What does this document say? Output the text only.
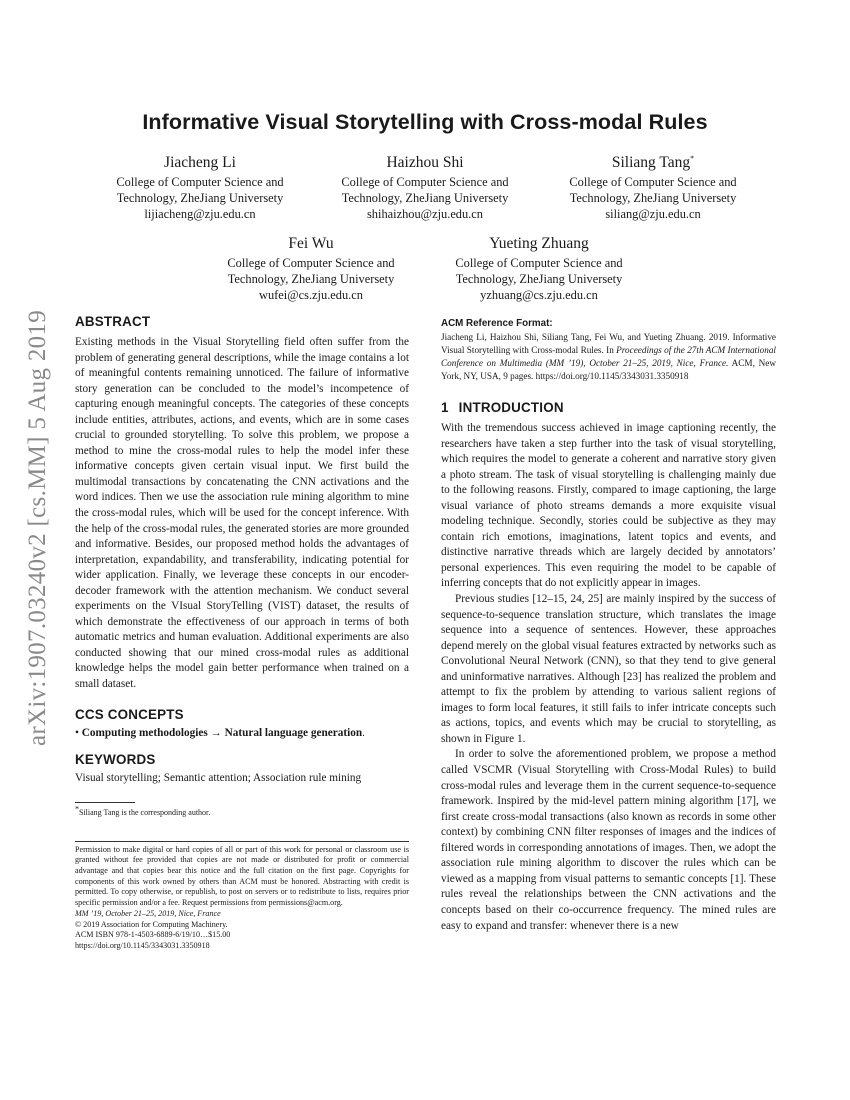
arXiv:1907.03240v2 [cs.MM] 5 Aug 2019
Informative Visual Storytelling with Cross-modal Rules
Jiacheng Li
College of Computer Science and
Technology, ZheJiang Universety
lijiacheng@zju.edu.cn
Haizhou Shi
College of Computer Science and
Technology, ZheJiang Universety
shihaizhou@zju.edu.cn
Siliang Tang*
College of Computer Science and
Technology, ZheJiang Universety
siliang@zju.edu.cn
Fei Wu
College of Computer Science and
Technology, ZheJiang Universety
wufei@cs.zju.edu.cn
Yueting Zhuang
College of Computer Science and
Technology, ZheJiang Universety
yzhuang@cs.zju.edu.cn
ABSTRACT

Existing methods in the Visual Storytelling field often suffer from the problem of generating general descriptions, while the image contains a lot of meaningful contents remaining unnoticed. The failure of informative story generation can be concluded to the model’s incompetence of capturing enough meaningful concepts. The categories of these concepts include entities, attributes, actions, and events, which are in some cases crucial to grounded storytelling. To solve this problem, we propose a method to mine the cross-modal rules to help the model infer these informative concepts given certain visual input. We first build the multimodal transactions by concatenating the CNN activations and the word indices. Then we use the association rule mining algorithm to mine the cross-modal rules, which will be used for the concept inference. With the help of the cross-modal rules, the generated stories are more grounded and informative. Besides, our proposed method holds the advantages of interpretation, expandability, and transferability, indicating potential for wider application. Finally, we leverage these concepts in our encoder-decoder framework with the attention mechanism. We conduct several experiments on the VIsual StoryTelling (VIST) dataset, the results of which demonstrate the effectiveness of our approach in terms of both automatic metrics and human evaluation. Additional experiments are also conducted showing that our mined cross-modal rules as additional knowledge helps the model gain better performance when trained on a small dataset.

CCS CONCEPTS

• Computing methodologies → Natural language generation.

KEYWORDS

Visual storytelling; Semantic attention; Association rule mining

*Siliang Tang is the corresponding author.

Permission to make digital or hard copies of all or part of this work for personal or classroom use is granted without fee provided that copies are not made or distributed for profit or commercial advantage and that copies bear this notice and the full citation on the first page. Copyrights for components of this work owned by others than ACM must be honored. Abstracting with credit is permitted. To copy otherwise, or republish, to post on servers or to redistribute to lists, requires prior specific permission and/or a fee. Request permissions from permissions@acm.org.

MM ’19, October 21–25, 2019, Nice, France

© 2019 Association for Computing Machinery.

ACM ISBN 978-1-4503-6889-6/19/10…$15.00

https://doi.org/10.1145/3343031.3350918

ACM Reference Format:

Jiacheng Li, Haizhou Shi, Siliang Tang, Fei Wu, and Yueting Zhuang. 2019. Informative Visual Storytelling with Cross-modal Rules. In Proceedings of the 27th ACM International Conference on Multimedia (MM ’19), October 21–25, 2019, Nice, France. ACM, New York, NY, USA, 9 pages. https://doi.org/10.1145/3343031.3350918

1 INTRODUCTION

With the tremendous success achieved in image captioning recently, the researchers have taken a step further into the task of visual storytelling, which requires the model to generate a coherent and narrative story given a photo stream. The task of visual storytelling is challenging mainly due to the following reasons. Firstly, compared to image captioning, the large visual variance of photo streams demands a more exquisite visual modeling technique. Secondly, stories could be subjective as they may contain rich emotions, imaginations, latent topics and events, and distinctive narrative threads which are largely decided by annotators’ personal experiences. This even requiring the model to be capable of inferring concepts that do not explicitly appear in images.

Previous studies [12–15, 24, 25] are mainly inspired by the success of sequence-to-sequence translation structure, which translates the image sequence into a sequence of sentences. However, these approaches depend merely on the global visual features extracted by networks such as Convolutional Neural Network (CNN), so that they tend to give general and uninformative narratives. Although [23] has realized the problem and attempt to fix the problem by attending to various salient regions of images to form local features, it still fails to infer intricate concepts such as actions, topics, and events which may be crucial to storytelling, as shown in Figure 1.

In order to solve the aforementioned problem, we propose a method called VSCMR (Visual Storytelling with Cross-Modal Rules) to build cross-modal rules and leverage them in the current sequence-to-sequence framework. Inspired by the mid-level pattern mining algorithm [17], we first create cross-modal transactions (also known as records in some other context) by combining CNN filter responses of images and the indices of filtered words in corresponding annotations of images. Then, we adopt the association rule mining algorithm to discover the rules which can be viewed as a mapping from visual patterns to semantic concepts [1]. These rules reveal the relationships between the CNN activations and the concepts based on their co-occurrence frequency. The mined rules are easy to expand and transfer: whenever there is a new
